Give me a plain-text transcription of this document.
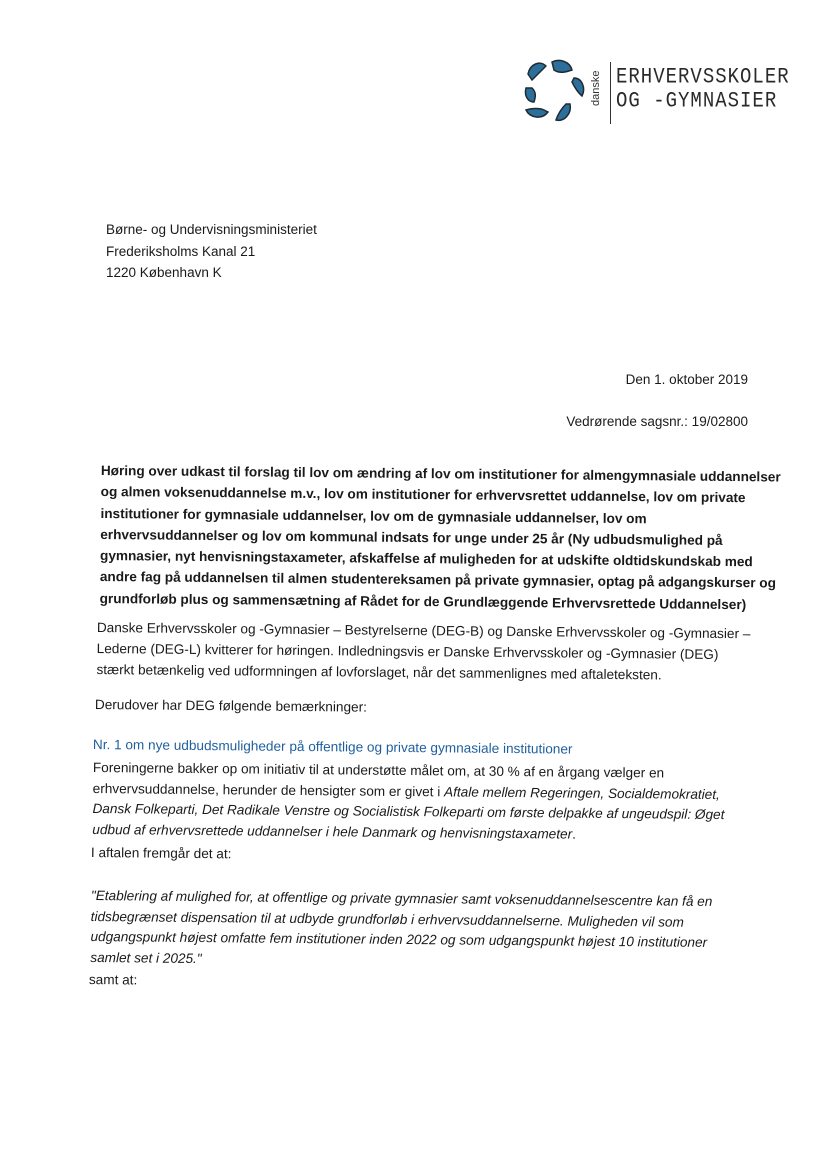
danske ERHVERVSSKOLER
OG -GYMNASIER
Børne- og Undervisningsministeriet
Frederiksholms Kanal 21
1220 København K
Den 1. oktober 2019
Vedrørende sagsnr.: 19/02800
Høring over udkast til forslag til lov om ændring af lov om institutioner for almengymnasiale uddannelser
og almen voksenuddannelse m.v., lov om institutioner for erhvervsrettet uddannelse, lov om private
institutioner for gymnasiale uddannelser, lov om de gymnasiale uddannelser, lov om
erhvervsuddannelser og lov om kommunal indsats for unge under 25 år (Ny udbudsmulighed på
gymnasier, nyt henvisningstaxameter, afskaffelse af muligheden for at udskifte oldtidskundskab med
andre fag på uddannelsen til almen studentereksamen på private gymnasier, optag på adgangskurser og
grundforløb plus og sammensætning af Rådet for de Grundlæggende Erhvervsrettede Uddannelser)
Danske Erhvervsskoler og -Gymnasier – Bestyrelserne (DEG-B) og Danske Erhvervsskoler og -Gymnasier –
Lederne (DEG-L) kvitterer for høringen. Indledningsvis er Danske Erhvervsskoler og -Gymnasier (DEG)
stærkt betænkelig ved udformningen af lovforslaget, når det sammenlignes med aftaleteksten.
Derudover har DEG følgende bemærkninger:
Nr. 1 om nye udbudsmuligheder på offentlige og private gymnasiale institutioner
Foreningerne bakker op om initiativ til at understøtte målet om, at 30 % af en årgang vælger en
erhvervsuddannelse, herunder de hensigter som er givet i Aftale mellem Regeringen, Socialdemokratiet,
Dansk Folkeparti, Det Radikale Venstre og Socialistisk Folkeparti om første delpakke af ungeudspil: Øget
udbud af erhvervsrettede uddannelser i hele Danmark og henvisningstaxameter.
I aftalen fremgår det at:
"Etablering af mulighed for, at offentlige og private gymnasier samt voksenuddannelsescentre kan få en
tidsbegrænset dispensation til at udbyde grundforløb i erhvervsuddannelserne. Muligheden vil som
udgangspunkt højest omfatte fem institutioner inden 2022 og som udgangspunkt højest 10 institutioner
samlet set i 2025."
samt at:
